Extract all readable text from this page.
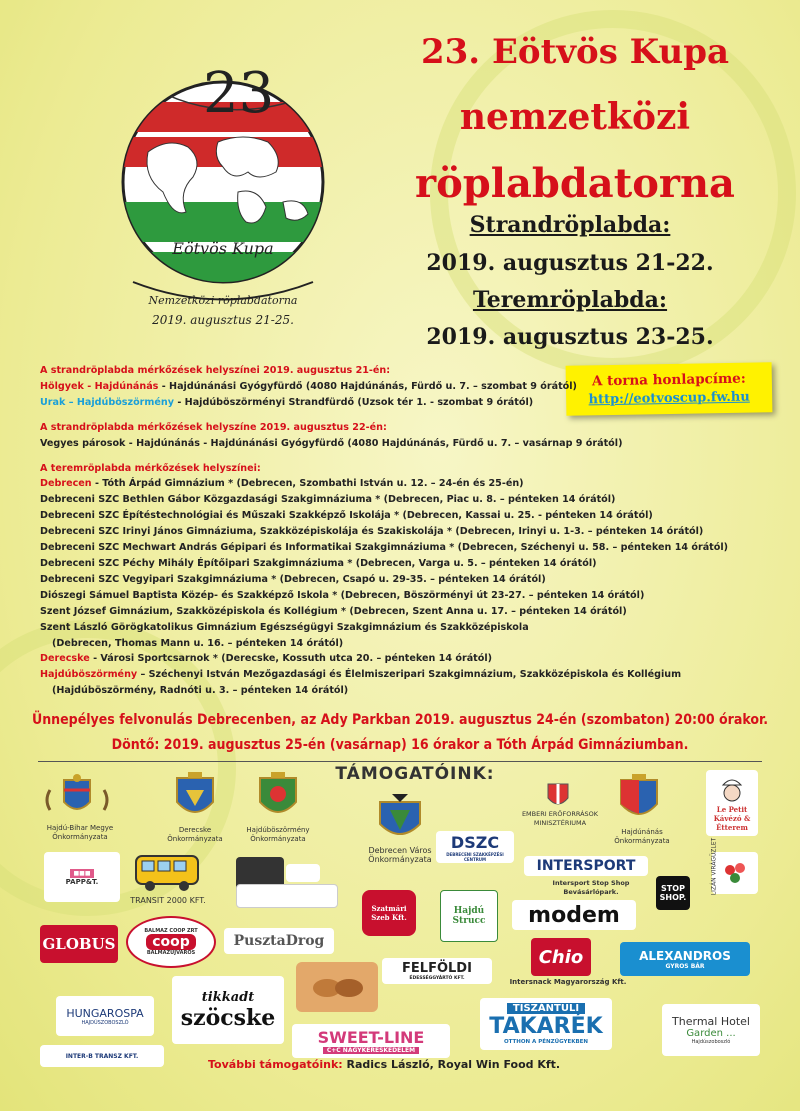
23
Eötvös Kupa
Nemzetközi röplabdatorna
2019. augusztus 21-25.
23. Eötvös Kupa
nemzetközi
röplabdatorna
Strandröplabda:
2019. augusztus 21-22.
Teremröplabda:
2019. augusztus 23-25.
A torna honlapcíme:
http://eotvoscup.fw.hu
A strandröplabda mérkőzések helyszínei 2019. augusztus 21-én:
Hölgyek - Hajdúnánás - Hajdúnánási Gyógyfürdő (4080 Hajdúnánás, Fürdő u. 7. – szombat 9 órától)
Urak – Hajdúböszörmény - Hajdúböszörményi Strandfürdő (Uzsok tér 1. - szombat 9 órától)
A strandröplabda mérkőzések helyszíne 2019. augusztus 22-én:
Vegyes párosok - Hajdúnánás - Hajdúnánási Gyógyfürdő (4080 Hajdúnánás, Fürdő u. 7. – vasárnap 9 órától)
A teremröplabda mérkőzések helyszínei:
Debrecen - Tóth Árpád Gimnázium * (Debrecen, Szombathi István u. 12. – 24-én és 25-én)
Debreceni SZC Bethlen Gábor Közgazdasági Szakgimnáziuma * (Debrecen, Piac u. 8. – pénteken 14 órától)
Debreceni SZC Építéstechnológiai és Műszaki Szakképző Iskolája * (Debrecen, Kassai u. 25. - pénteken 14 órától)
Debreceni SZC Irinyi János Gimnáziuma, Szakközépiskolája és Szakiskolája * (Debrecen, Irinyi u. 1-3. – pénteken 14 órától)
Debreceni SZC Mechwart András Gépipari és Informatikai Szakgimnáziuma * (Debrecen, Széchenyi u. 58. – pénteken 14 órától)
Debreceni SZC Péchy Mihály Építőipari Szakgimnáziuma * (Debrecen, Varga u. 5. – pénteken 14 órától)
Debreceni SZC Vegyipari Szakgimnáziuma * (Debrecen, Csapó u. 29-35. – pénteken 14 órától)
Diószegi Sámuel Baptista Közép- és Szakképző Iskola * (Debrecen, Böszörményi út 23-27. – pénteken 14 órától)
Szent József Gimnázium, Szakközépiskola és Kollégium * (Debrecen, Szent Anna u. 17. – pénteken 14 órától)
Szent László Görögkatolikus Gimnázium Egészségügyi Szakgimnázium és Szakközépiskola
(Debrecen, Thomas Mann u. 16. – pénteken 14 órától)
Derecske - Városi Sportcsarnok * (Derecske, Kossuth utca 20. – pénteken 14 órától)
Hajdúböszörmény – Széchenyi István Mezőgazdasági és Élelmiszeripari Szakgimnázium, Szakközépiskola és Kollégium
(Hajdúböszörmény, Radnóti u. 3. – pénteken 14 órától)
Ünnepélyes felvonulás Debrecenben, az Ady Parkban 2019. augusztus 24-én (szombaton) 20:00 órakor.
Döntő: 2019. augusztus 25-én (vasárnap) 16 órakor a Tóth Árpád Gimnáziumban.
TÁMOGATÓINK:
Hajdú-Bihar Megye Önkormányzata
Derecske Önkormányzata
Hajdúböszörmény Önkormányzata
Debrecen Város Önkormányzata
EMBERI ERŐFORRÁSOK MINISZTÉRIUMA
Hajdúnánás Önkormányzata
Le Petit Kávézó & Étterem
■■■
PAPP&T.
TRANSIT 2000 KFT.
DSZC
DEBRECENI SZAKKÉPZÉSI CENTRUM	INTERSPORT
Intersport Stop Shop Bevásárlópark.	STOP SHOP.
LIZÁN VIRÁGÜZLET
GLOBUS
BALMAZ COOP ZRT
coop
BALMAZÚJVÁROS
PusztaDrog
Szatmári Szeb Kft.
Hajdú Strucc	modem
Chio
Intersnack Magyarország Kft.
ALEXANDROS
GYROS BÁR
FELFÖLDI
ÉDESSÉGGYÁRTÓ KFT.
HUNGAROSPA
HAJDÚSZOBOSZLÓ
tikkadt
szöcske
SWEET-LINE
C+C NAGYKERESKEDELEM
TISZÁNTÚLI
TAKARÉK
OTTHON A PÉNZÜGYEKBEN
Thermal Hotel
Garden ...
Hajdúszoboszló
INTER-B TRANSZ KFT.
További támogatóink: Radics László, Royal Win Food Kft.
